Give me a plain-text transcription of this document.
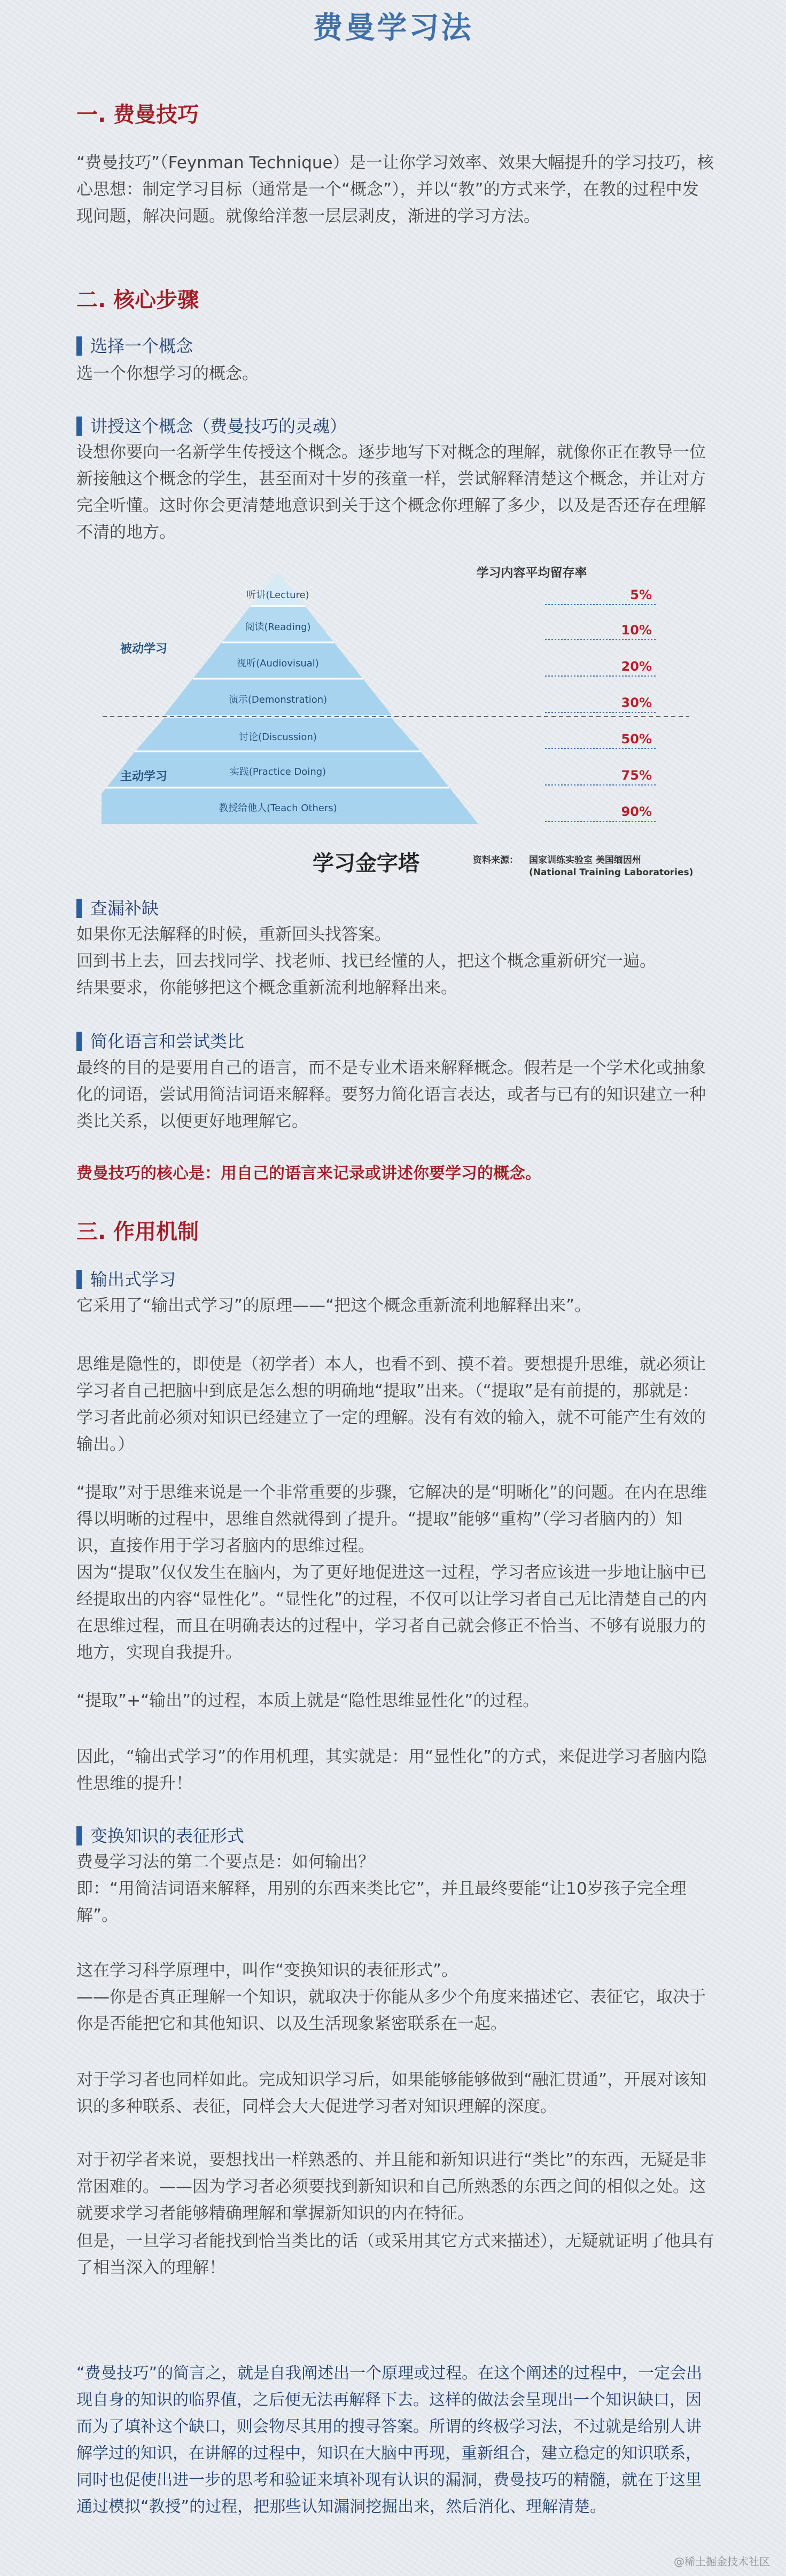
费曼学习法
一. 费曼技巧

“费曼技巧”（Feynman Technique）是一让你学习效率、效果大幅提升的学习技巧，核心思想：制定学习目标（通常是一个“概念”），并以“教”的方式来学，在教的过程中发现问题，解决问题。就像给洋葱一层层剥皮，渐进的学习方法。

二. 核心步骤
选择一个概念

选一个你想学习的概念。

讲授这个概念（费曼技巧的灵魂）

设想你要向一名新学生传授这个概念。逐步地写下对概念的理解，就像你正在教导一位新接触这个概念的学生，甚至面对十岁的孩童一样，尝试解释清楚这个概念，并让对方完全听懂。这时你会更清楚地意识到关于这个概念你理解了多少，以及是否还存在理解不清的地方。

学习内容平均留存率
听讲(Lecture)
阅读(Reading)
视听(Audiovisual)
演示(Demonstration)
讨论(Discussion)
实践(Practice Doing)
教授给他人(Teach Others)
5%
10%
20%
30%
50%
75%
90%
被动学习
主动学习
学习金字塔	资料来源： 国家训练实验室 美国缅因州
(National Training Laboratories)
查漏补缺

如果你无法解释的时候，重新回头找答案。

回到书上去，回去找同学、找老师、找已经懂的人，把这个概念重新研究一遍。

结果要求，你能够把这个概念重新流利地解释出来。

简化语言和尝试类比

最终的目的是要用自己的语言，而不是专业术语来解释概念。假若是一个学术化或抽象化的词语，尝试用简洁词语来解释。要努力简化语言表达，或者与已有的知识建立一种类比关系，以便更好地理解它。

费曼技巧的核心是：用自己的语言来记录或讲述你要学习的概念。

三. 作用机制
输出式学习

它采用了“输出式学习”的原理——“把这个概念重新流利地解释出来”。

思维是隐性的，即使是（初学者）本人，也看不到、摸不着。要想提升思维，就必须让学习者自己把脑中到底是怎么想的明确地“提取”出来。（“提取”是有前提的，那就是：学习者此前必须对知识已经建立了一定的理解。没有有效的输入，就不可能产生有效的输出。）

“提取”对于思维来说是一个非常重要的步骤，它解决的是“明晰化”的问题。在内在思维得以明晰的过程中，思维自然就得到了提升。“提取”能够“重构”（学习者脑内的）知识，直接作用于学习者脑内的思维过程。

因为“提取”仅仅发生在脑内，为了更好地促进这一过程，学习者应该进一步地让脑中已经提取出的内容“显性化”。“显性化”的过程，不仅可以让学习者自己无比清楚自己的内在思维过程，而且在明确表达的过程中，学习者自己就会修正不恰当、不够有说服力的地方，实现自我提升。

“提取”+“输出”的过程，本质上就是“隐性思维显性化”的过程。

因此，“输出式学习”的作用机理，其实就是：用“显性化”的方式，来促进学习者脑内隐性思维的提升！

变换知识的表征形式

费曼学习法的第二个要点是：如何输出？

即：“用简洁词语来解释，用别的东西来类比它”，并且最终要能“让10岁孩子完全理解”。

这在学习科学原理中，叫作“变换知识的表征形式”。

——你是否真正理解一个知识，就取决于你能从多少个角度来描述它、表征它，取决于你是否能把它和其他知识、以及生活现象紧密联系在一起。

对于学习者也同样如此。完成知识学习后，如果能够能够做到“融汇贯通”，开展对该知识的多种联系、表征，同样会大大促进学习者对知识理解的深度。

对于初学者来说，要想找出一样熟悉的、并且能和新知识进行“类比”的东西，无疑是非常困难的。——因为学习者必须要找到新知识和自己所熟悉的东西之间的相似之处。这就要求学习者能够精确理解和掌握新知识的内在特征。

但是，一旦学习者能找到恰当类比的话（或采用其它方式来描述），无疑就证明了他具有了相当深入的理解！

“费曼技巧”的简言之，就是自我阐述出一个原理或过程。在这个阐述的过程中，一定会出现自身的知识的临界值，之后便无法再解释下去。这样的做法会呈现出一个知识缺口，因而为了填补这个缺口，则会物尽其用的搜寻答案。所谓的终极学习法，不过就是给别人讲解学过的知识，在讲解的过程中，知识在大脑中再现，重新组合，建立稳定的知识联系，同时也促使出进一步的思考和验证来填补现有认识的漏洞，费曼技巧的精髓，就在于这里通过模拟“教授”的过程，把那些认知漏洞挖掘出来，然后消化、理解清楚。

@稀土掘金技术社区
